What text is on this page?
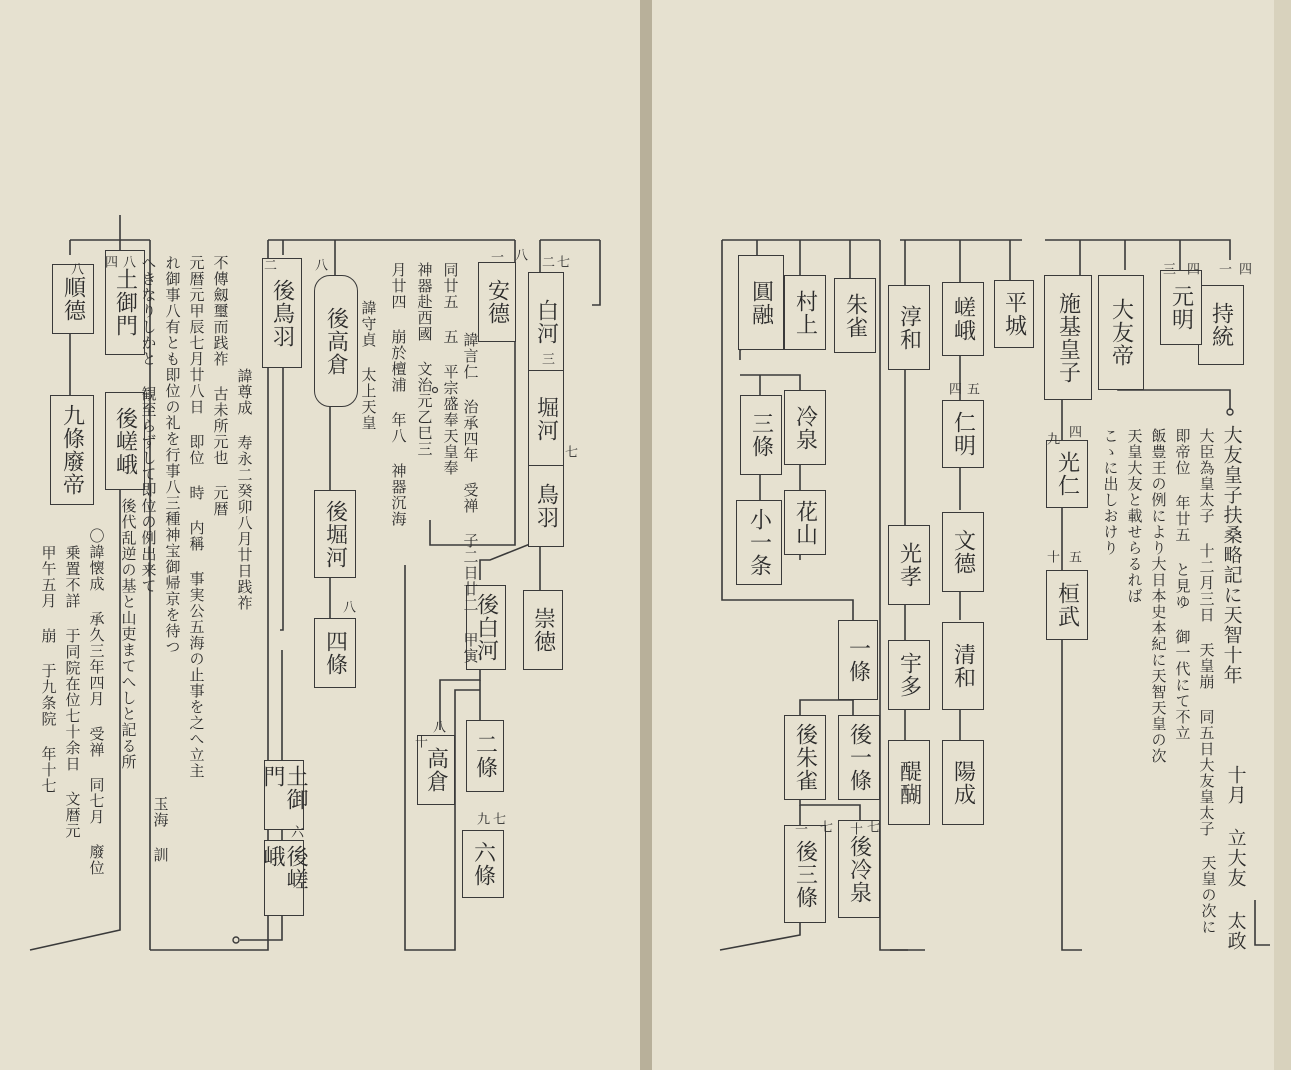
白河
堀河
鳥羽
崇徳
後白河
二條
高倉
六條
安德
後高倉
後鳥羽
後堀河
四條
土御門
後嵯峨
土御門
後嵯峨
順德
九條廢帝	諱言仁 治承四年 受禅 子二日廿二 甲寅
同廿五 五 平宗盛奉天皇奉
神器赴西國 文治元乙巳三
月廿四 崩於檀浦 年八 神器沉海
諱守貞 太上天皇
諱尊成 寿永二癸卯八月廿日践祚
不傳劔璽而践祚 古未所元也 元暦
元暦元甲辰七月廿八日 即位 時 内稱 事実公五海の止事を之へ立主
れ御事八有とも即位の礼を行事八三種神宝御帰京を待つ
へきなりしかと 観至らずして即位の例出来て
後代乱逆の基と山吏まてへしと記る所
玉海 訓
〇諱懐成 承久三年四月 受禅 同七月 廢位
乗置不詳 于同院在位七十余日 文暦元
甲午五月 崩 于九条院 年十七
持統
元明
大友帝
施基皇子
光仁
桓武
平城
嵯峨
淳和
仁明
文德
清和
陽成
光孝
宇多
醍醐
朱雀
村上
圓融
冷泉
花山
三條
小一条
一條
後一條
後朱雀
後冷泉
後三條
大友皇子扶桑略記に天智十年
大臣為皇太子 十二月三日 天皇崩 同五日大友皇太子
即帝位 年廿五 と見ゆ 御一代にて不立
飯豊王の例により大日本史本紀に天智天皇の次
天皇大友と載せらるれば
こゝに出しおけり
十月 立大友 太政
天皇の次に
七
二
三
七
八
一
八
二
八
十
八
九 七
六
八
四
八	四
一
四
三
四
九
十 五
五
四
七 七
十
一
